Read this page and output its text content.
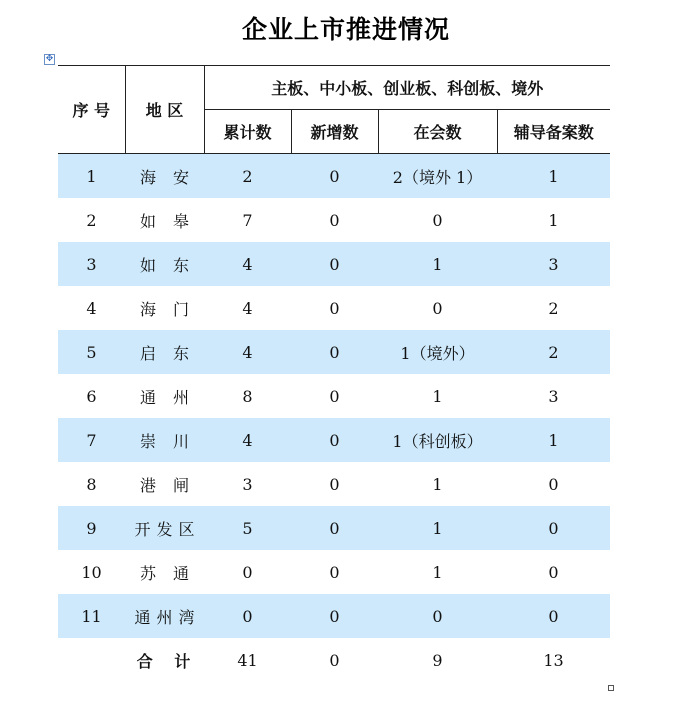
企业上市推进情况
✥
序 号	地 区	主板、中小板、创业板、科创板、境外			
		累计数	新增数	在会数	辅导备案数
1	海 安	2	0	2（境外 1）	1
2	如 皋	7	0	0	1
3	如 东	4	0	1	3
4	海 门	4	0	0	2
5	启 东	4	0	1（境外）	2
6	通 州	8	0	1	3
7	崇 川	4	0	1（科创板）	1
8	港 闸	3	0	1	0
9	开发区	5	0	1	0
10	苏 通	0	0	1	0
11	通州湾	0	0	0	0
	合 计	41	0	9	13
